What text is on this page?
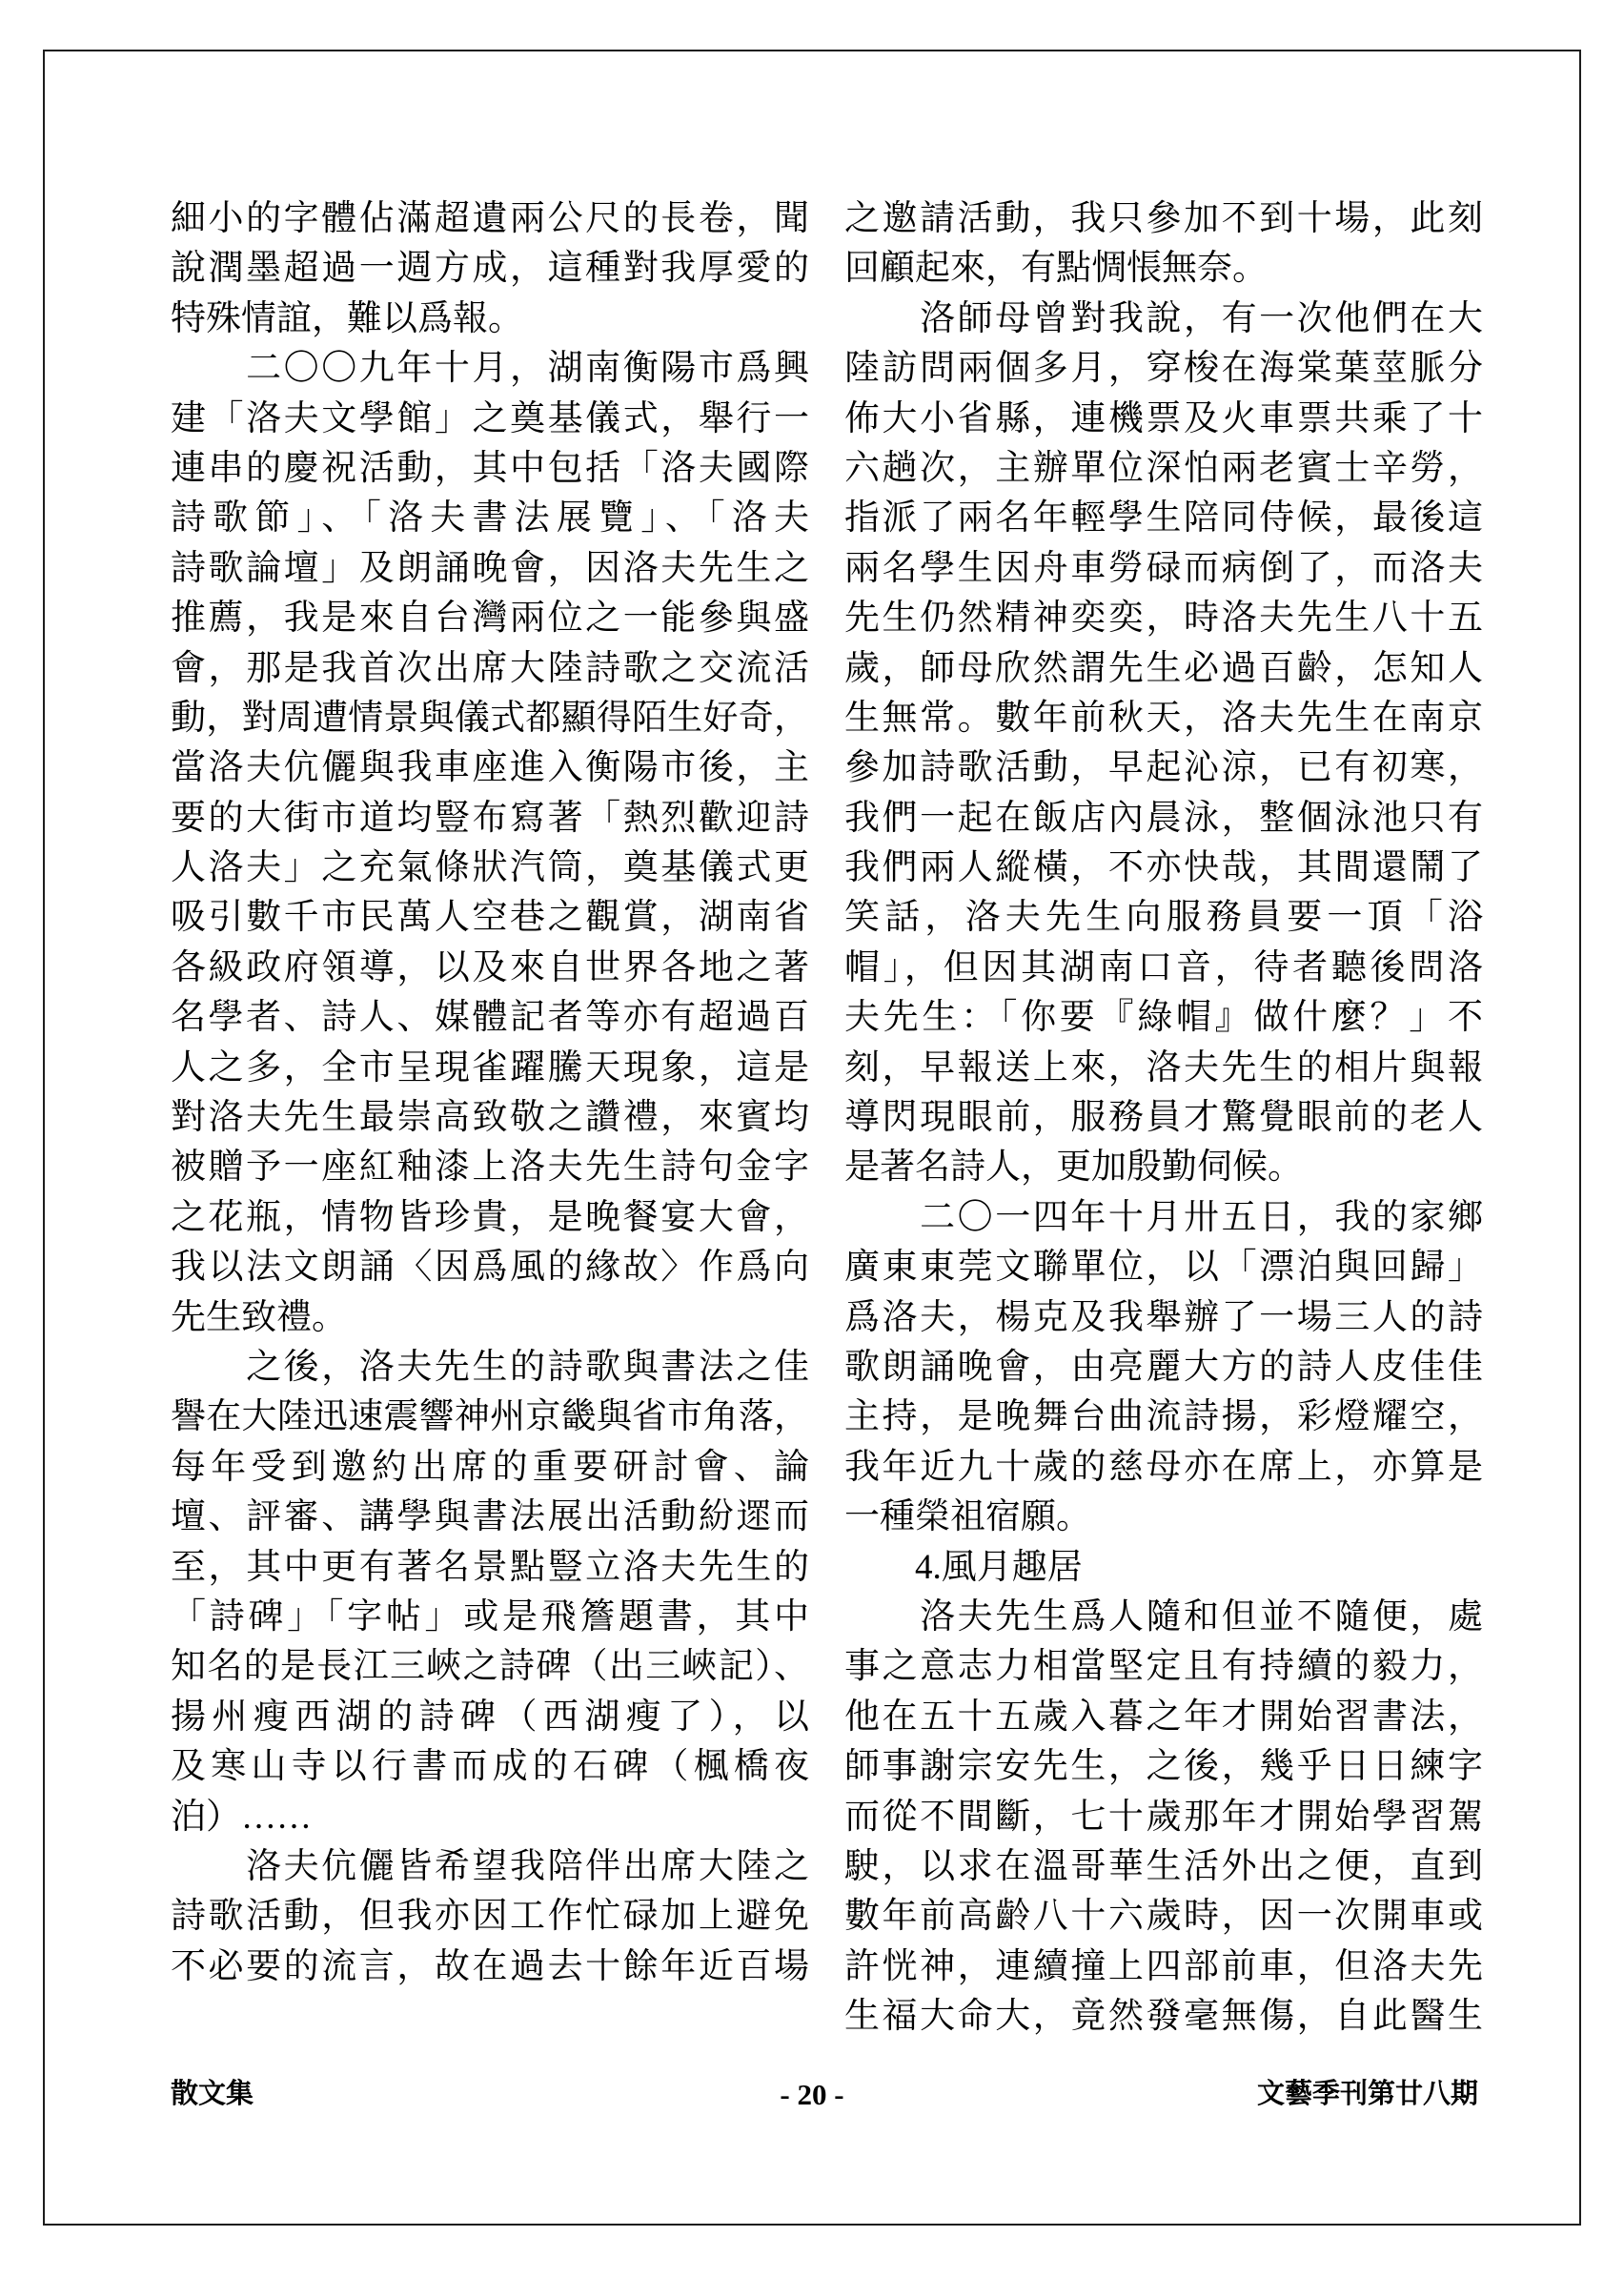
細小的字體佔滿超遺兩公尺的長卷，聞
說潤墨超過一週方成，這種對我厚愛的
特殊情誼，難以爲報。
　　二〇〇九年十月，湖南衡陽市爲興
建「洛夫文學館」之奠基儀式，舉行一
連串的慶祝活動，其中包括「洛夫國際
詩歌節」、「洛夫書法展覽」、「洛夫
詩歌論壇」及朗誦晚會，因洛夫先生之
推薦，我是來自台灣兩位之一能參與盛
會，那是我首次出席大陸詩歌之交流活
動，對周遭情景與儀式都顯得陌生好奇，
當洛夫伉儷與我車座進入衡陽市後，主
要的大街市道均豎布寫著「熱烈歡迎詩
人洛夫」之充氣條狀汽筒，奠基儀式更
吸引數千市民萬人空巷之觀賞，湖南省
各級政府領導，以及來自世界各地之著
名學者、詩人、媒體記者等亦有超過百
人之多，全市呈現雀躍騰天現象，這是
對洛夫先生最崇高致敬之讚禮，來賓均
被贈予一座紅釉漆上洛夫先生詩句金字
之花瓶，情物皆珍貴，是晚餐宴大會，
我以法文朗誦〈因爲風的緣故〉作爲向
先生致禮。
　　之後，洛夫先生的詩歌與書法之佳
譽在大陸迅速震響神州京畿與省市角落，
每年受到邀約出席的重要研討會、論
壇、評審、講學與書法展出活動紛遝而
至，其中更有著名景點豎立洛夫先生的
「詩碑」「字帖」或是飛簷題書，其中
知名的是長江三峽之詩碑（出三峽記）、
揚州瘦西湖的詩碑（西湖瘦了），以
及寒山寺以行書而成的石碑（楓橋夜
泊）……
　　洛夫伉儷皆希望我陪伴出席大陸之
詩歌活動，但我亦因工作忙碌加上避免
不必要的流言，故在過去十餘年近百場
之邀請活動，我只參加不到十場，此刻
回顧起來，有點惆悵無奈。
　　洛師母曾對我說，有一次他們在大
陸訪問兩個多月，穿梭在海棠葉莖脈分
佈大小省縣，連機票及火車票共乘了十
六趟次，主辦單位深怕兩老賓士辛勞，
指派了兩名年輕學生陪同侍候，最後這
兩名學生因舟車勞碌而病倒了，而洛夫
先生仍然精神奕奕，時洛夫先生八十五
歲，師母欣然謂先生必過百齡，怎知人
生無常。數年前秋天，洛夫先生在南京
參加詩歌活動，早起沁涼，已有初寒，
我們一起在飯店內晨泳，整個泳池只有
我們兩人縱橫，不亦快哉，其間還鬧了
笑話，洛夫先生向服務員要一頂「浴
帽」，但因其湖南口音，待者聽後問洛
夫先生：「你要『綠帽』做什麼？」不
刻，早報送上來，洛夫先生的相片與報
導閃現眼前，服務員才驚覺眼前的老人
是著名詩人，更加殷勤伺候。
　　二〇一四年十月卅五日，我的家鄉
廣東東莞文聯單位，以「漂泊與回歸」
爲洛夫，楊克及我舉辦了一場三人的詩
歌朗誦晚會，由亮麗大方的詩人皮佳佳
主持，是晚舞台曲流詩揚，彩燈耀空，
我年近九十歲的慈母亦在席上，亦算是
一種榮祖宿願。
　　4.風月趣居
　　洛夫先生爲人隨和但並不隨便，處
事之意志力相當堅定且有持續的毅力，
他在五十五歲入暮之年才開始習書法，
師事謝宗安先生，之後，幾乎日日練字
而從不間斷，七十歲那年才開始學習駕
駛，以求在溫哥華生活外出之便，直到
數年前高齡八十六歲時，因一次開車或
許恍神，連續撞上四部前車，但洛夫先
生福大命大，竟然發毫無傷，自此醫生
散文集	- 20 -	文藝季刊第廿八期
